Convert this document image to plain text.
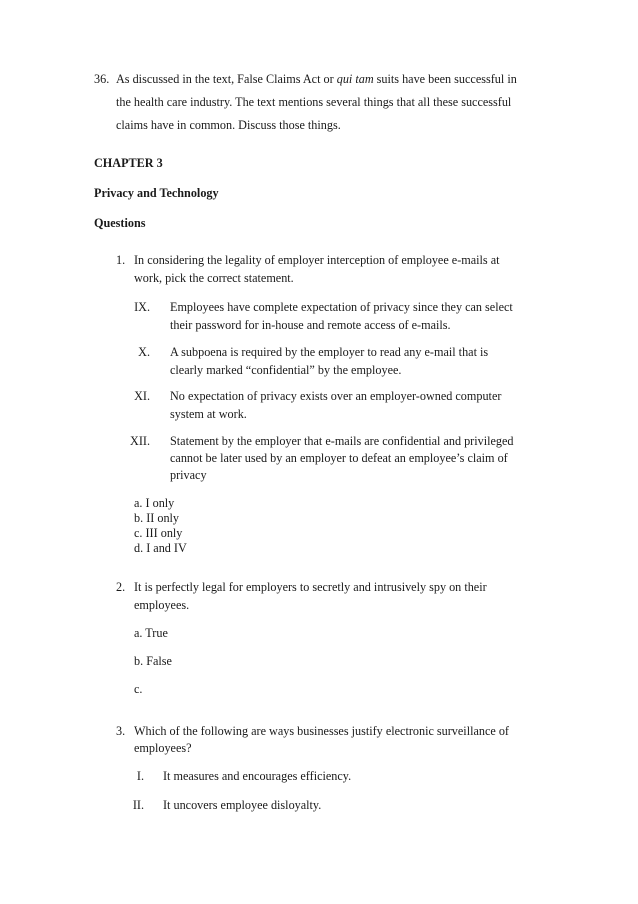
36. As discussed in the text, False Claims Act or qui tam suits have been successful in
the health care industry. The text mentions several things that all these successful
claims have in common. Discuss those things.
CHAPTER 3
Privacy and Technology
Questions
1. In considering the legality of employer interception of employee e-mails at
work, pick the correct statement.
IX. Employees have complete expectation of privacy since they can select
their password for in-house and remote access of e-mails.
X. A subpoena is required by the employer to read any e-mail that is
clearly marked “confidential” by the employee.
XI. No expectation of privacy exists over an employer-owned computer
system at work.
XII. Statement by the employer that e-mails are confidential and privileged
cannot be later used by an employer to defeat an employee’s claim of
privacy
a. I only
b. II only
c. III only
d. I and IV
2. It is perfectly legal for employers to secretly and intrusively spy on their
employees.
a. True
b. False
c.
3. Which of the following are ways businesses justify electronic surveillance of
employees?
I. It measures and encourages efficiency.
II. It uncovers employee disloyalty.
